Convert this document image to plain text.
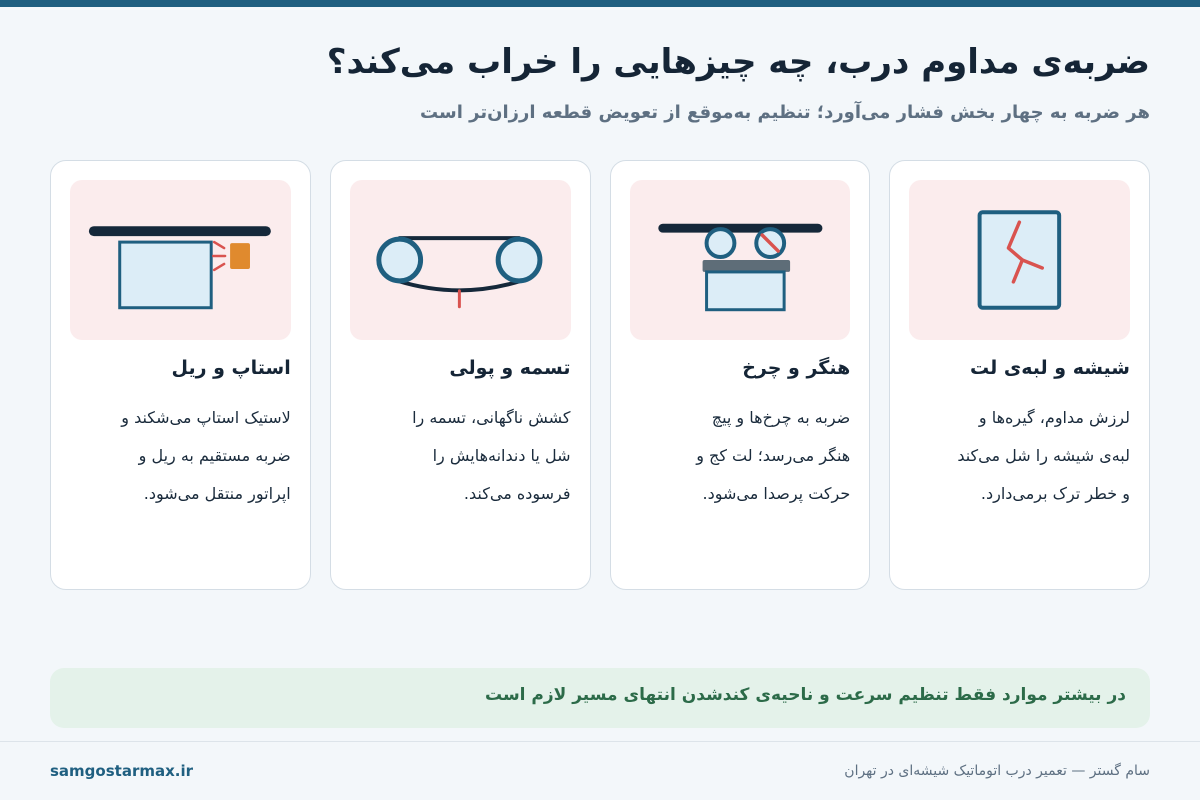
ضربه‌ی مداوم درب، چه چیزهایی را خراب می‌کند؟
هر ضربه به چهار بخش فشار می‌آورد؛ تنظیم به‌موقع از تعویض قطعه ارزان‌تر است
شیشه و لبه‌ی لت
لرزش مداوم، گیره‌ها و
لبه‌ی شیشه را شل می‌کند
و خطر ترک برمی‌دارد.
هنگر و چرخ
ضربه به چرخ‌ها و پیچ
هنگر می‌رسد؛ لت کج و
حرکت پرصدا می‌شود.
تسمه و پولی
کشش ناگهانی، تسمه را
شل یا دندانه‌هایش را
فرسوده می‌کند.
استاپ و ریل
لاستیک استاپ می‌شکند و
ضربه مستقیم به ریل و
اپراتور منتقل می‌شود.
در بیشتر موارد فقط تنظیم سرعت و ناحیه‌ی کندشدن انتهای مسیر لازم است
samgostarmax.ir	سام گستر — تعمیر درب اتوماتیک شیشه‌ای در تهران
